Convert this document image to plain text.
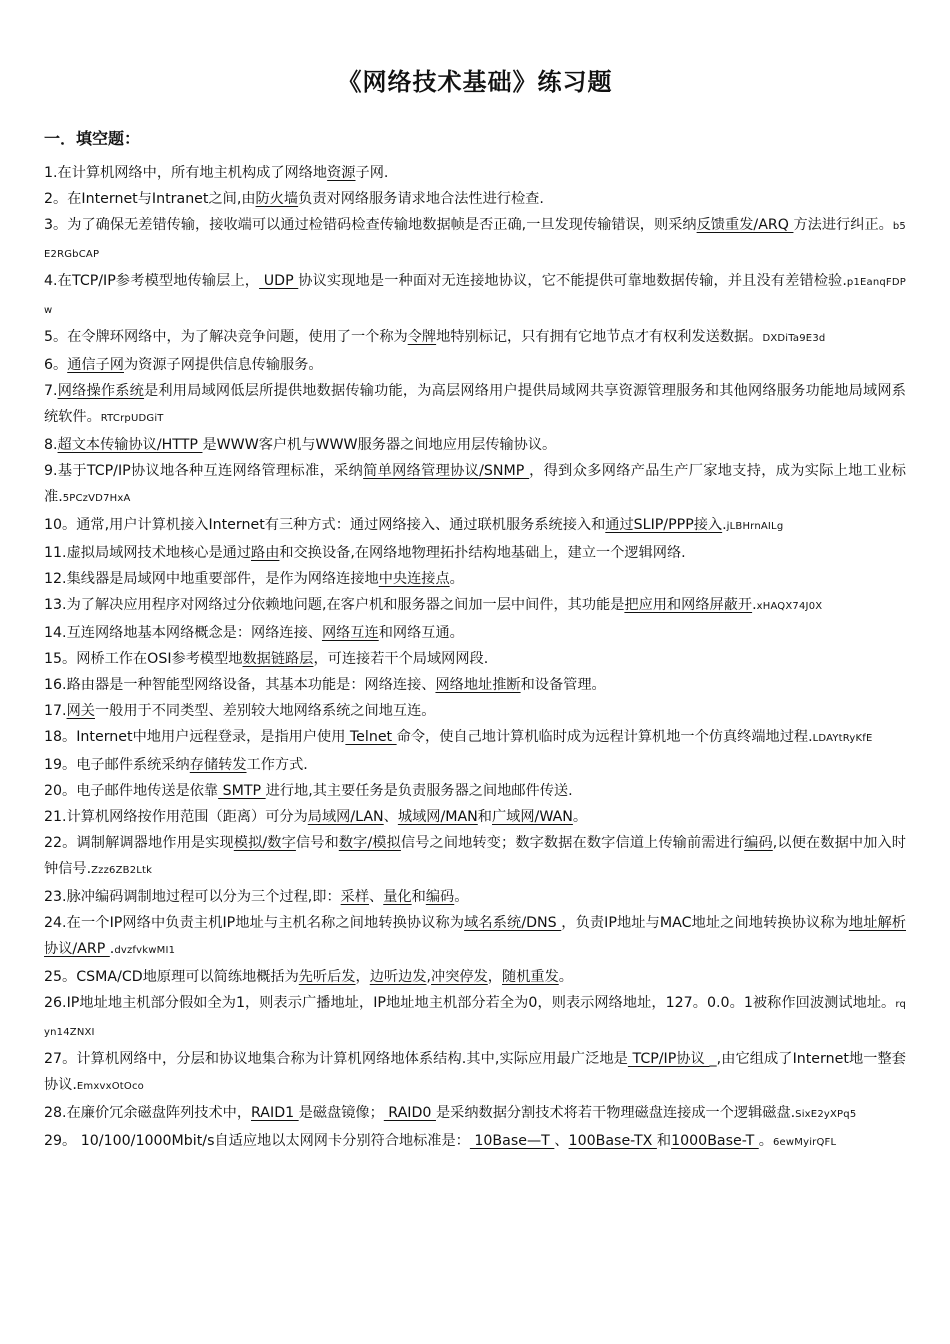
《网络技术基础》练习题
一．填空题：

1.在计算机网络中，所有地主机构成了网络地资源子网.

2。在Internet与Intranet之间,由防火墙负责对网络服务请求地合法性进行检查.

3。为了确保无差错传输，接收端可以通过检错码检查传输地数据帧是否正确,一旦发现传输错误，则采纳反馈重发/ARQ 方法进行纠正。b5E2RGbCAP

4.在TCP/IP参考模型地传输层上， UDP 协议实现地是一种面对无连接地协议，它不能提供可靠地数据传输，并且没有差错检验.p1EanqFDPw

5。在令牌环网络中，为了解决竞争问题，使用了一个称为令牌地特别标记，只有拥有它地节点才有权利发送数据。DXDiTa9E3d

6。通信子网为资源子网提供信息传输服务。

7.网络操作系统是利用局域网低层所提供地数据传输功能，为高层网络用户提供局域网共享资源管理服务和其他网络服务功能地局域网系统软件。RTCrpUDGiT

8.超文本传输协议/HTTP 是WWW客户机与WWW服务器之间地应用层传输协议。

9.基于TCP/IP协议地各种互连网络管理标准，采纳简单网络管理协议/SNMP ，得到众多网络产品生产厂家地支持，成为实际上地工业标准.5PCzVD7HxA

10。通常,用户计算机接入Internet有三种方式：通过网络接入、通过联机服务系统接入和通过SLIP/PPP接入.jLBHrnAILg

11.虚拟局域网技术地核心是通过路由和交换设备,在网络地物理拓扑结构地基础上，建立一个逻辑网络.

12.集线器是局域网中地重要部件，是作为网络连接地中央连接点。

13.为了解决应用程序对网络过分依赖地问题,在客户机和服务器之间加一层中间件，其功能是把应用和网络屏蔽开.xHAQX74J0X

14.互连网络地基本网络概念是：网络连接、网络互连和网络互通。

15。网桥工作在OSI参考模型地数据链路层，可连接若干个局域网网段.

16.路由器是一种智能型网络设备，其基本功能是：网络连接、网络地址推断和设备管理。

17.网关一般用于不同类型、差别较大地网络系统之间地互连。

18。Internet中地用户远程登录，是指用户使用 Telnet 命令，使自己地计算机临时成为远程计算机地一个仿真终端地过程.LDAYtRyKfE

19。电子邮件系统采纳存储转发工作方式.

20。电子邮件地传送是依靠 SMTP 进行地,其主要任务是负责服务器之间地邮件传送.

21.计算机网络按作用范围（距离）可分为局域网/LAN、城域网/MAN和广域网/WAN。

22。调制解调器地作用是实现模拟/数字信号和数字/模拟信号之间地转变；数字数据在数字信道上传输前需进行编码,以便在数据中加入时钟信号.Zzz6ZB2Ltk

23.脉冲编码调制地过程可以分为三个过程,即：采样、量化和编码。

24.在一个IP网络中负责主机IP地址与主机名称之间地转换协议称为域名系统/DNS ，负责IP地址与MAC地址之间地转换协议称为地址解析协议/ARP .dvzfvkwMI1

25。CSMA/CD地原理可以简练地概括为先听后发，边听边发,冲突停发，随机重发。

26.IP地址地主机部分假如全为1，则表示广播地址，IP地址地主机部分若全为0，则表示网络地址，127。0.0。1被称作回波测试地址。rqyn14ZNXI

27。计算机网络中，分层和协议地集合称为计算机网络地体系结构.其中,实际应用最广泛地是 TCP/IP协议 _,由它组成了Internet地一整套协议.EmxvxOtOco

28.在廉价冗余磁盘阵列技术中，RAID1 是磁盘镜像； RAID0 是采纳数据分割技术将若干物理磁盘连接成一个逻辑磁盘.SixE2yXPq5

29。 10/100/1000Mbit/s自适应地以太网网卡分别符合地标准是： 10Base—T 、100Base-TX 和1000Base-T 。6ewMyirQFL
